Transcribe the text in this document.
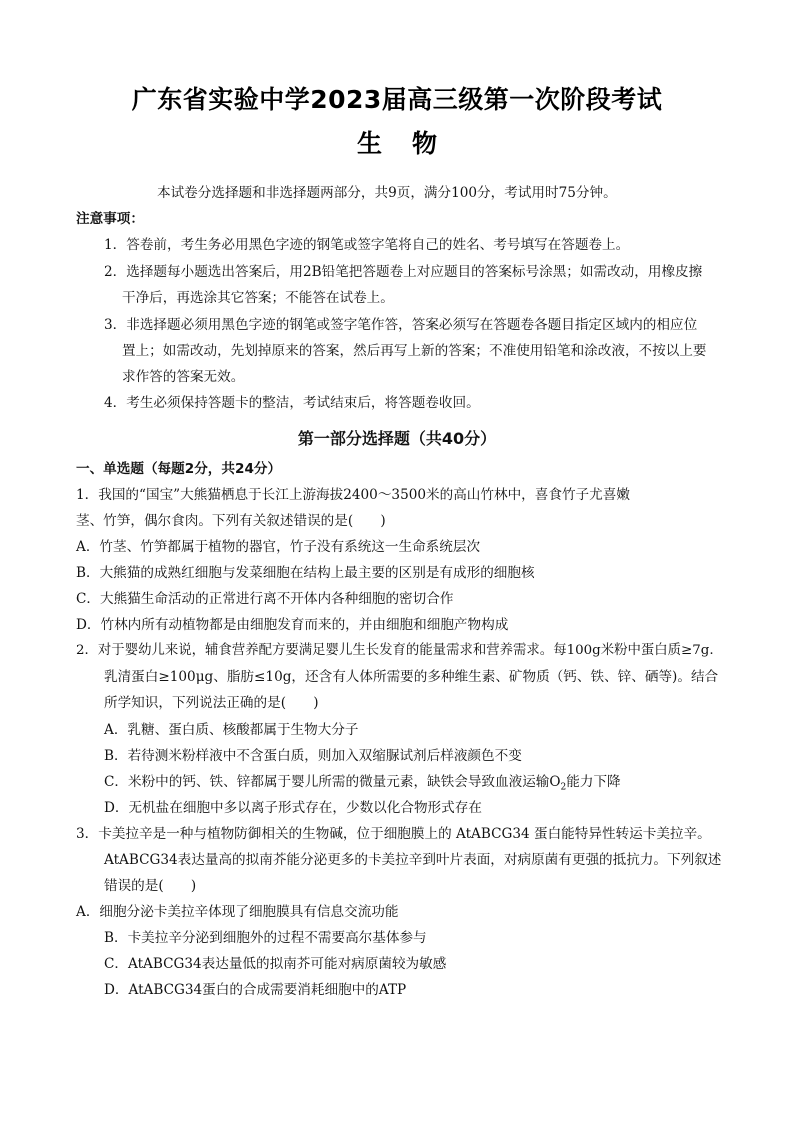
广东省实验中学2023届高三级第一次阶段考试
生 物
本试卷分选择题和非选择题两部分，共9页，满分100分，考试用时75分钟。
注意事项：
1．答卷前，考生务必用黑色字迹的钢笔或签字笔将自己的姓名、考号填写在答题卷上。
2．选择题每小题选出答案后，用2B铅笔把答题卷上对应题目的答案标号涂黑；如需改动，用橡皮擦
干净后，再选涂其它答案；不能答在试卷上。
3．非选择题必须用黑色字迹的钢笔或签字笔作答，答案必须写在答题卷各题目指定区域内的相应位
置上；如需改动，先划掉原来的答案，然后再写上新的答案；不准使用铅笔和涂改液，不按以上要
求作答的答案无效。
4．考生必须保持答题卡的整洁，考试结束后，将答题卷收回。
第一部分选择题（共40分）
一、单选题（每题2分，共24分）
1．我国的“国宝”大熊猫栖息于长江上游海拔2400～3500米的高山竹林中，喜食竹子尤喜嫩
茎、竹笋，偶尔食肉。下列有关叙述错误的是(　　)
A．竹茎、竹笋都属于植物的器官，竹子没有系统这一生命系统层次
B．大熊猫的成熟红细胞与发菜细胞在结构上最主要的区别是有成形的细胞核
C．大熊猫生命活动的正常进行离不开体内各种细胞的密切合作
D．竹林内所有动植物都是由细胞发育而来的，并由细胞和细胞产物构成
2．对于婴幼儿来说，辅食营养配方要满足婴儿生长发育的能量需求和营养需求。每100g米粉中蛋白质≥7g.
乳清蛋白≥100μg、脂肪≤10g，还含有人体所需要的多种维生素、矿物质（钙、铁、锌、硒等)。结合
所学知识，下列说法正确的是(　　)
A．乳糖、蛋白质、核酸都属于生物大分子
B．若待测米粉样液中不含蛋白质，则加入双缩脲试剂后样液颜色不变
C．米粉中的钙、铁、锌都属于婴儿所需的微量元素，缺铁会导致血液运输$O_2$能力下降
D．无机盐在细胞中多以离子形式存在，少数以化合物形式存在
3．卡美拉辛是一种与植物防御相关的生物碱，位于细胞膜上的 AtABCG34 蛋白能特异性转运卡美拉辛。
AtABCG34表达量高的拟南芥能分泌更多的卡美拉辛到叶片表面，对病原菌有更强的抵抗力。下列叙述
错误的是(　　)
A．细胞分泌卡美拉辛体现了细胞膜具有信息交流功能
B．卡美拉辛分泌到细胞外的过程不需要高尔基体参与
C．AtABCG34表达量低的拟南芥可能对病原菌较为敏感
D．AtABCG34蛋白的合成需要消耗细胞中的ATP
